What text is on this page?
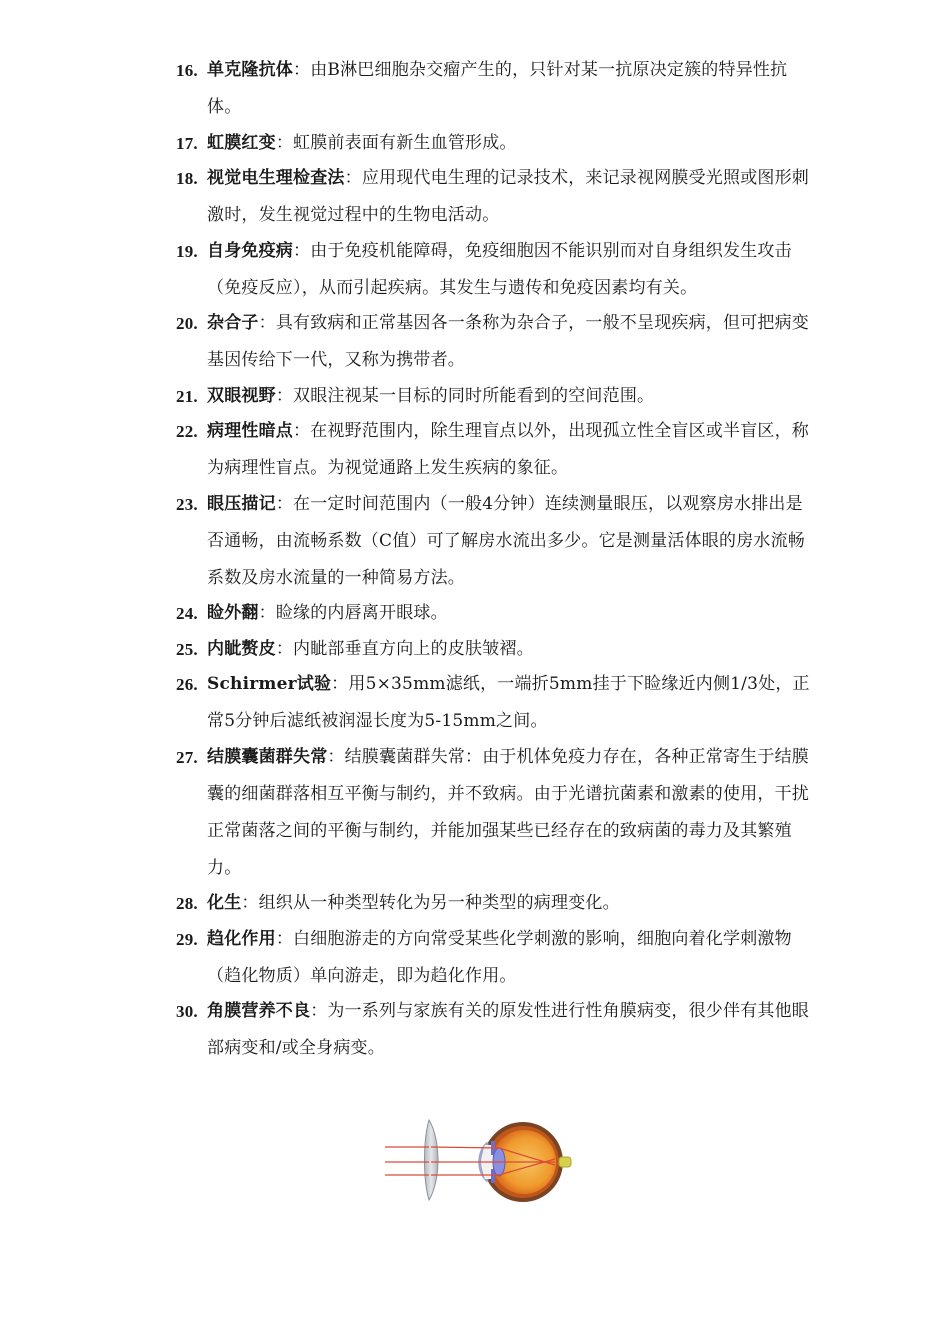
16. 单克隆抗体：由B淋巴细胞杂交瘤产生的，只针对某一抗原决定簇的特异性抗体。
17. 虹膜红变：虹膜前表面有新生血管形成。
18. 视觉电生理检查法：应用现代电生理的记录技术，来记录视网膜受光照或图形刺激时，发生视觉过程中的生物电活动。
19. 自身免疫病：由于免疫机能障碍，免疫细胞因不能识别而对自身组织发生攻击（免疫反应），从而引起疾病。其发生与遗传和免疫因素均有关。
20. 杂合子：具有致病和正常基因各一条称为杂合子，一般不呈现疾病，但可把病变基因传给下一代，又称为携带者。
21. 双眼视野：双眼注视某一目标的同时所能看到的空间范围。
22. 病理性暗点：在视野范围内，除生理盲点以外，出现孤立性全盲区或半盲区，称为病理性盲点。为视觉通路上发生疾病的象征。
23. 眼压描记：在一定时间范围内（一般4分钟）连续测量眼压，以观察房水排出是否通畅，由流畅系数（C值）可了解房水流出多少。它是测量活体眼的房水流畅系数及房水流量的一种简易方法。
24. 睑外翻：睑缘的内唇离开眼球。
25. 内眦赘皮：内眦部垂直方向上的皮肤皱褶。
26. Schirmer试验：用5×35mm滤纸，一端折5mm挂于下睑缘近内侧1/3处，正常5分钟后滤纸被润湿长度为5-15mm之间。
27. 结膜囊菌群失常：结膜囊菌群失常：由于机体免疫力存在，各种正常寄生于结膜囊的细菌群落相互平衡与制约，并不致病。由于光谱抗菌素和激素的使用，干扰正常菌落之间的平衡与制约，并能加强某些已经存在的致病菌的毒力及其繁殖力。
28. 化生：组织从一种类型转化为另一种类型的病理变化。
29. 趋化作用：白细胞游走的方向常受某些化学刺激的影响，细胞向着化学刺激物（趋化物质）单向游走，即为趋化作用。
30. 角膜营养不良：为一系列与家族有关的原发性进行性角膜病变，很少伴有其他眼部病变和/或全身病变。
